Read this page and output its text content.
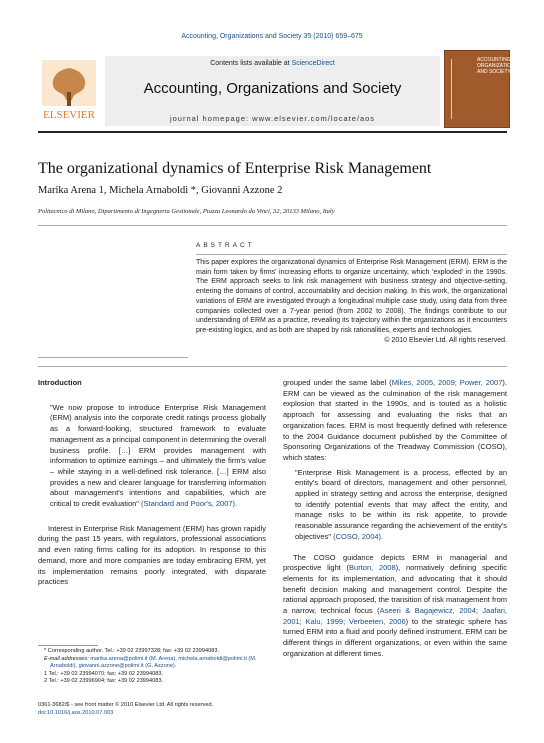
Accounting, Organizations and Society 35 (2010) 659–675
ELSEVIER
Contents lists available at ScienceDirect
Accounting, Organizations and Society
journal homepage: www.elsevier.com/locate/aos
ACCOUNTING ORGANIZATIONS AND SOCIETY
The organizational dynamics of Enterprise Risk Management
Marika Arena 1, Michela Arnaboldi *, Giovanni Azzone 2
Politecnico di Milano, Dipartimento di Ingegneria Gestionale, Piazza Leonardo da Vinci, 32, 20133 Milano, Italy
ABSTRACT
This paper explores the organizational dynamics of Enterprise Risk Management (ERM). ERM is the main form taken by firms' increasing efforts to organize uncertainty, which 'exploded' in the 1990s. The ERM approach seeks to link risk management with business strategy and objective-setting, entering the domains of control, accountability and decision making. In this work, the organizational variations of ERM are investigated through a longitudinal multiple case study, using data from three companies collected over a 7-year period (from 2002 to 2008). The findings contribute to our understanding of ERM as a practice, revealing its trajectory within the organizations as it encounters pre-existing logics, and as both are shaped by risk rationalities, experts and technologies.
© 2010 Elsevier Ltd. All rights reserved.
Introduction
"We now propose to introduce Enterprise Risk Management (ERM) analysis into the corporate credit ratings process globally as a forward-looking, structured framework to evaluate management as a principal component in determining the overall business profile. […] ERM provides management with information to optimize earnings – and ultimately the firm's value – while staying in a well-defined risk tolerance. […] ERM also provides a new and clearer language for transferring information about management's intentions and capabilities, which are critical to credit evaluation" (Standard and Poor's, 2007).
Interest in Enterprise Risk Management (ERM) has grown rapidly during the past 15 years, with regulators, professional associations and even rating firms calling for its adoption. In response to this demand, more and more companies are today embracing ERM, yet its implementation remains poorly integrated, with disparate practices
grouped under the same label (Mikes, 2005, 2009; Power, 2007). ERM can be viewed as the culmination of the risk management explosion that started in the 1990s, and is touted as a holistic approach for assessing and evaluating the risks that an organization faces. ERM is most frequently defined with reference to the 2004 Guidance document published by the Committee of Sponsoring Organizations of the Treadway Commission (COSO), which states:
"Enterprise Risk Management is a process, effected by an entity's board of directors, management and other personnel, applied in strategy setting and across the enterprise, designed to identify potential events that may affect the entity, and manage risks to be within its risk appetite, to provide reasonable assurance regarding the achievement of the entity's objectives" (COSO, 2004).
The COSO guidance depicts ERM in managerial and prospective light (Burton, 2008), normatively defining specific elements for its implementation, and advocating that it should benefit decision making and management control. Despite the rational approach proposed, the transition of risk management from a narrow, technical focus (Aseeri & Bagajewicz, 2004; Jaafari, 2001; Kalu, 1999; Verbeeten, 2006) to the strategic sphere has turned ERM into a fluid and poorly defined instrument. ERM can be different things in different organizations, or even within the same organization at different times.
* Corresponding author. Tel.: +39 02 23997328; fax: +39 02 23994083.
E-mail addresses: marika.arena@polimi.it (M. Arena), michela.arnaboldi@polimi.it (M. Arnaboldi), giovanni.azzone@polimi.it (G. Azzone).
1 Tel.: +39 02 23994070; fax: +39 02 23994083.
2 Tel.: +39 02 23996904; fax: +39 02 23994083.
0361-3682/$ - see front matter © 2010 Elsevier Ltd. All rights reserved.
doi:10.1016/j.aos.2010.07.003
